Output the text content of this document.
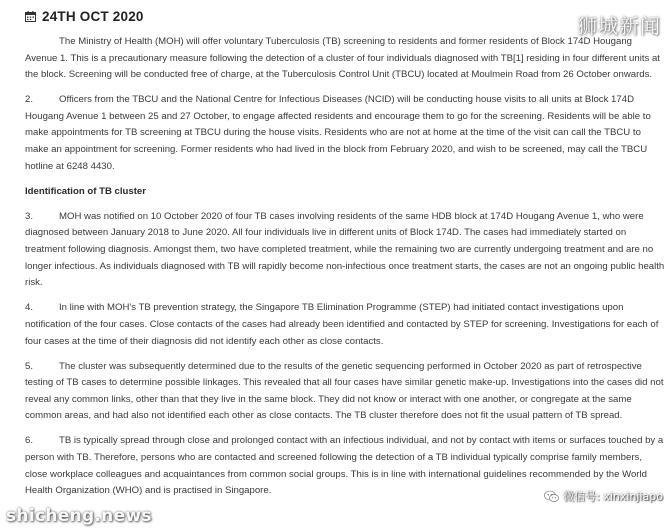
24TH OCT 2020

The Ministry of Health (MOH) will offer voluntary Tuberculosis (TB) screening to residents and former residents of Block 174D Hougang Avenue 1. This is a precautionary measure following the detection of a cluster of four individuals diagnosed with TB[1] residing in four different units at the block. Screening will be conducted free of charge, at the Tuberculosis Control Unit (TBCU) located at Moulmein Road from 26 October onwards.

2.	Officers from the TBCU and the National Centre for Infectious Diseases (NCID) will be conducting house visits to all units at Block 174D Hougang Avenue 1 between 25 and 27 October, to engage affected residents and encourage them to go for the screening. Residents will be able to make appointments for TB screening at TBCU during the house visits. Residents who are not at home at the time of the visit can call the TBCU to make an appointment for screening. Former residents who had lived in the block from February 2020, and wish to be screened, may call the TBCU hotline at 6248 4430.

Identification of TB cluster

3.	MOH was notified on 10 October 2020 of four TB cases involving residents of the same HDB block at 174D Hougang Avenue 1, who were diagnosed between January 2018 to June 2020. All four individuals live in different units of Block 174D. The cases had immediately started on treatment following diagnosis. Amongst them, two have completed treatment, while the remaining two are currently undergoing treatment and are no longer infectious. As individuals diagnosed with TB will rapidly become non-infectious once treatment starts, the cases are not an ongoing public health risk.

4.	In line with MOH's TB prevention strategy, the Singapore TB Elimination Programme (STEP) had initiated contact investigations upon notification of the four cases. Close contacts of the cases had already been identified and contacted by STEP for screening. Investigations for each of four cases at the time of their diagnosis did not identify each other as close contacts.

5.	The cluster was subsequently determined due to the results of the genetic sequencing performed in October 2020 as part of retrospective testing of TB cases to determine possible linkages. This revealed that all four cases have similar genetic make-up. Investigations into the cases did not reveal any common links, other than that they live in the same block. They did not know or interact with one another, or congregate at the same common areas, and had also not identified each other as close contacts. The TB cluster therefore does not fit the usual pattern of TB spread.

6.	TB is typically spread through close and prolonged contact with an infectious individual, and not by contact with items or surfaces touched by a person with TB. Therefore, persons who are contacted and screened following the detection of a TB individual typically comprise family members, close workplace colleagues and acquaintances from common social groups. This is in line with international guidelines recommended by the World Health Organization (WHO) and is practised in Singapore.

狮城新闻
微信号: xinxinjiapo
shicheng.news
